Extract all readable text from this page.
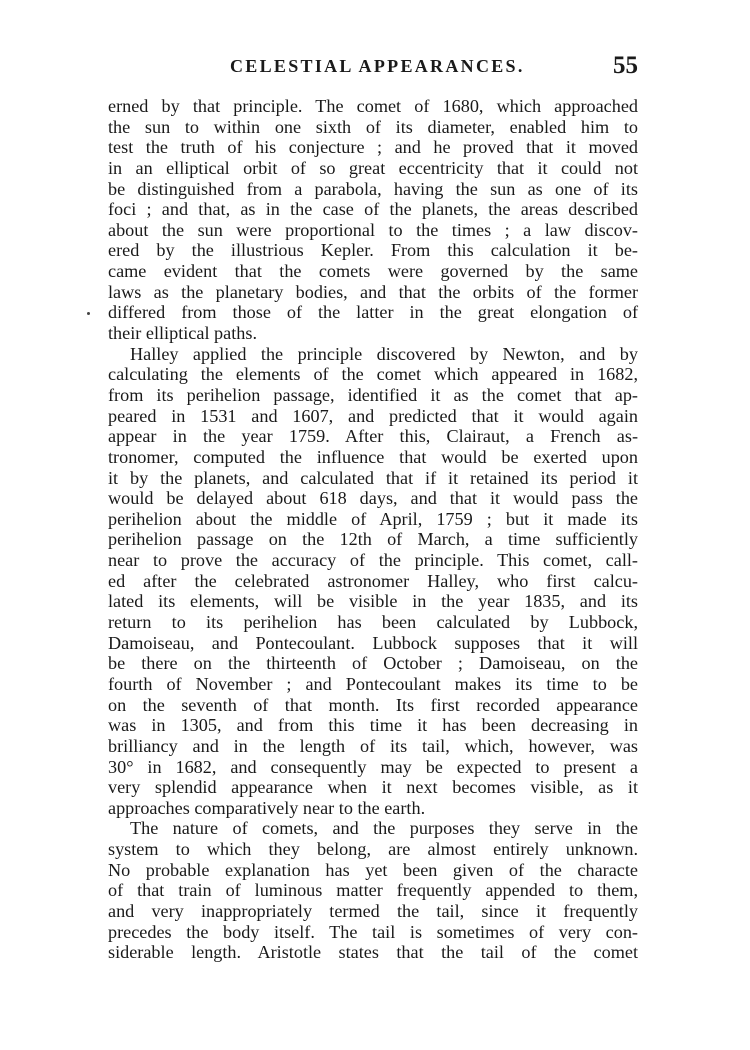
CELESTIAL APPEARANCES.	55
erned by that principle. The comet of 1680, which approached
the sun to within one sixth of its diameter, enabled him to
test the truth of his conjecture ; and he proved that it moved
in an elliptical orbit of so great eccentricity that it could not
be distinguished from a parabola, having the sun as one of its
foci ; and that, as in the case of the planets, the areas described
about the sun were proportional to the times ; a law discov-
ered by the illustrious Kepler. From this calculation it be-
came evident that the comets were governed by the same
laws as the planetary bodies, and that the orbits of the former
differed from those of the latter in the great elongation of
their elliptical paths.
Halley applied the principle discovered by Newton, and by
calculating the elements of the comet which appeared in 1682,
from its perihelion passage, identified it as the comet that ap-
peared in 1531 and 1607, and predicted that it would again
appear in the year 1759. After this, Clairaut, a French as-
tronomer, computed the influence that would be exerted upon
it by the planets, and calculated that if it retained its period it
would be delayed about 618 days, and that it would pass the
perihelion about the middle of April, 1759 ; but it made its
perihelion passage on the 12th of March, a time sufficiently
near to prove the accuracy of the principle. This comet, call-
ed after the celebrated astronomer Halley, who first calcu-
lated its elements, will be visible in the year 1835, and its
return to its perihelion has been calculated by Lubbock,
Damoiseau, and Pontecoulant. Lubbock supposes that it will
be there on the thirteenth of October ; Damoiseau, on the
fourth of November ; and Pontecoulant makes its time to be
on the seventh of that month. Its first recorded appearance
was in 1305, and from this time it has been decreasing in
brilliancy and in the length of its tail, which, however, was
30° in 1682, and consequently may be expected to present a
very splendid appearance when it next becomes visible, as it
approaches comparatively near to the earth.
The nature of comets, and the purposes they serve in the
system to which they belong, are almost entirely unknown.
No probable explanation has yet been given of the characte
of that train of luminous matter frequently appended to them,
and very inappropriately termed the tail, since it frequently
precedes the body itself. The tail is sometimes of very con-
siderable length. Aristotle states that the tail of the comet
